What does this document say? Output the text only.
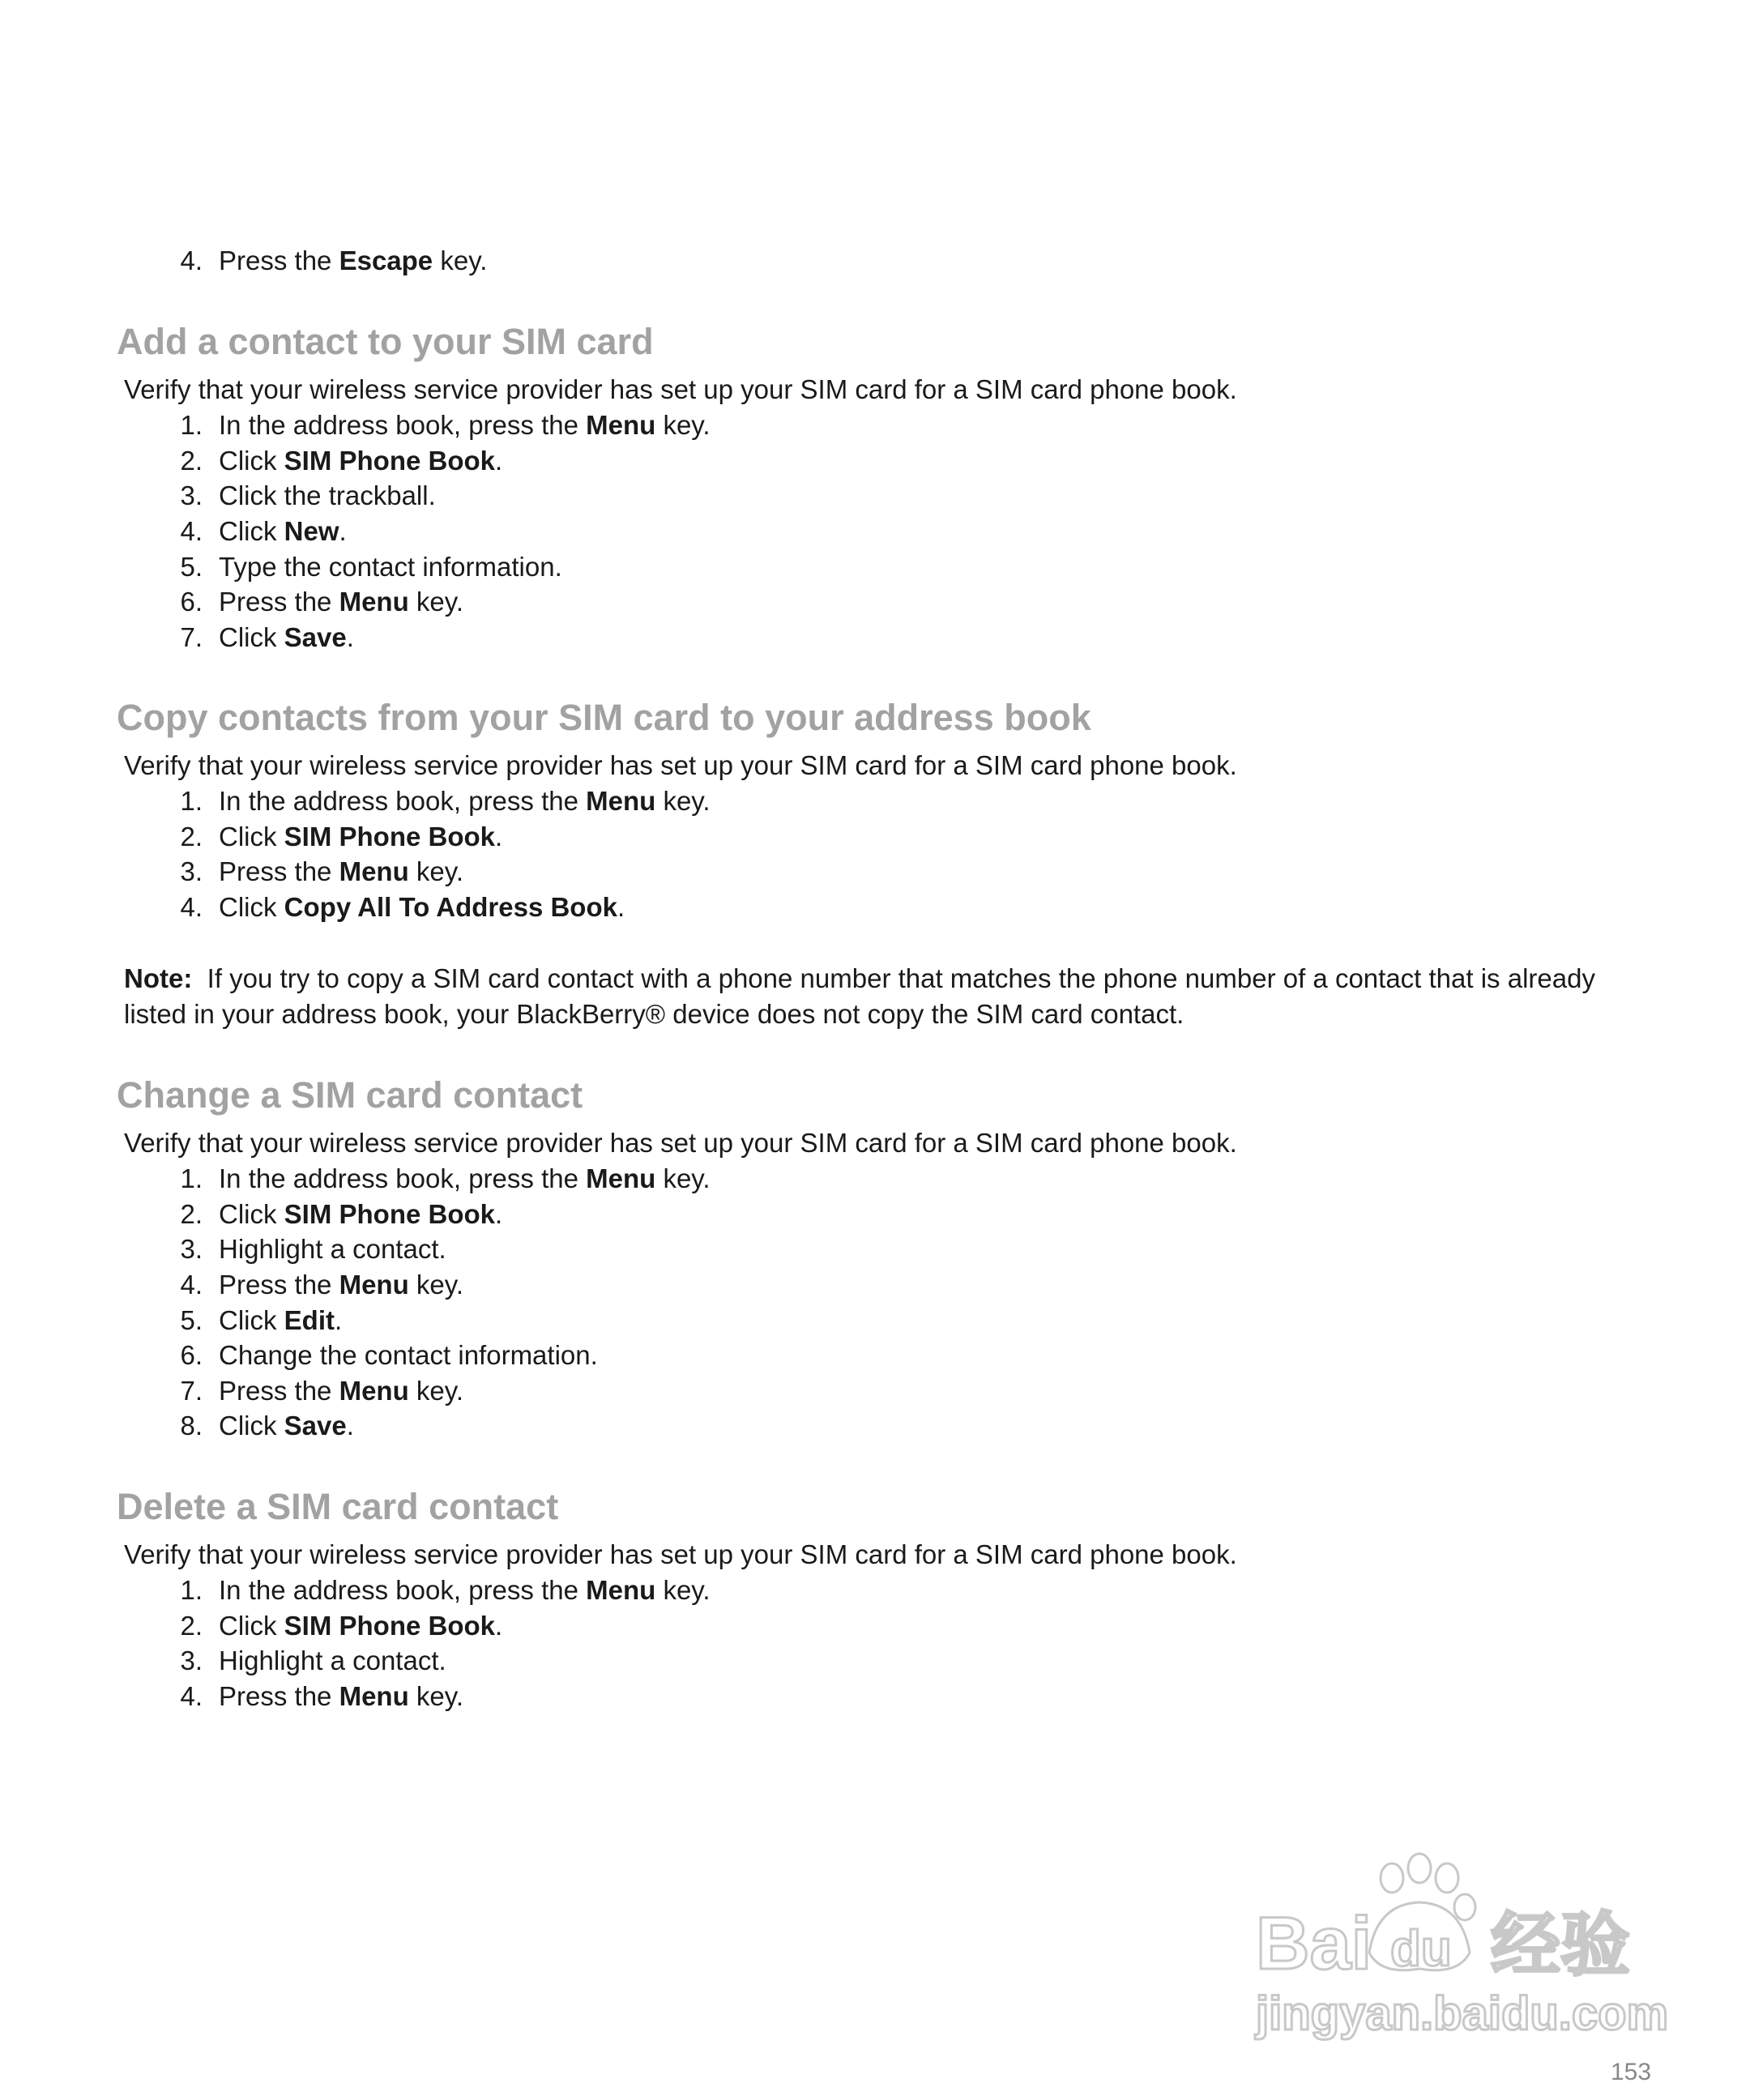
4. Press the Escape key.
Add a contact to your SIM card
Verify that your wireless service provider has set up your SIM card for a SIM card phone book.
1. In the address book, press the Menu key.
2. Click SIM Phone Book.
3. Click the trackball.
4. Click New.
5. Type the contact information.
6. Press the Menu key.
7. Click Save.
Copy contacts from your SIM card to your address book
Verify that your wireless service provider has set up your SIM card for a SIM card phone book.
1. In the address book, press the Menu key.
2. Click SIM Phone Book.
3. Press the Menu key.
4. Click Copy All To Address Book.
Note: If you try to copy a SIM card contact with a phone number that matches the phone number of a contact that is already listed in your address book, your BlackBerry® device does not copy the SIM card contact.
Change a SIM card contact
Verify that your wireless service provider has set up your SIM card for a SIM card phone book.
1. In the address book, press the Menu key.
2. Click SIM Phone Book.
3. Highlight a contact.
4. Press the Menu key.
5. Click Edit.
6. Change the contact information.
7. Press the Menu key.
8. Click Save.
Delete a SIM card contact
Verify that your wireless service provider has set up your SIM card for a SIM card phone book.
1. In the address book, press the Menu key.
2. Click SIM Phone Book.
3. Highlight a contact.
4. Press the Menu key.
Bai du 经验
jingyan.baidu.com
153
